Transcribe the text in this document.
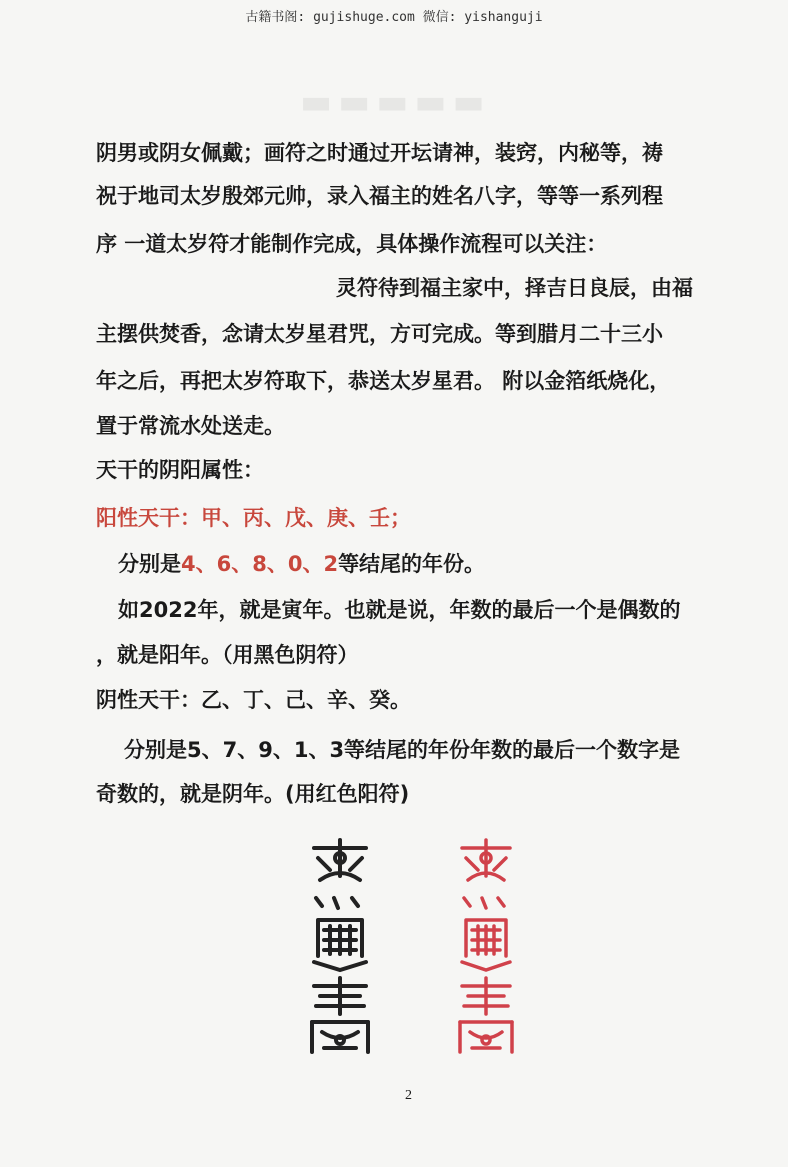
▬▬▬▬▬
古籍书阁: gujishuge.com 微信: yishanguji
阴男或阴女佩戴；画符之时通过开坛请神，装窍，内秘等，祷
祝于地司太岁殷郊元帅，录入福主的姓名八字，等等一系列程
序 一道太岁符才能制作完成，具体操作流程可以关注：
灵符待到福主家中，择吉日良辰，由福
主摆供焚香，念请太岁星君咒，方可完成。等到腊月二十三小
年之后，再把太岁符取下，恭送太岁星君。 附以金箔纸烧化，
置于常流水处送走。
天干的阴阳属性：
阳性天干：甲、丙、戊、庚、壬；
分别是4、6、8、0、2等结尾的年份。
如2022年，就是寅年。也就是说，年数的最后一个是偶数的
，就是阳年。（用黑色阴符）
阴性天干：乙、丁、己、辛、癸。
分别是5、7、9、1、3等结尾的年份年数的最后一个数字是
奇数的，就是阴年。(用红色阳符)
2
